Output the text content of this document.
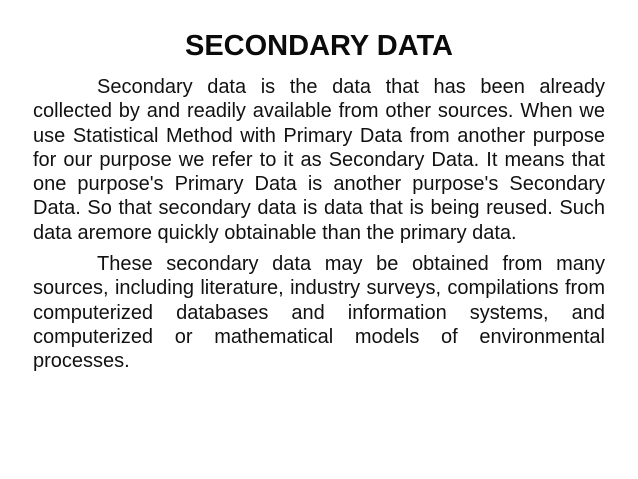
SECONDARY DATA

Secondary data is the data that has been already collected by and readily available from other sources. When we use Statistical Method with Primary Data from another purpose for our purpose we refer to it as Secondary Data. It means that one purpose's Primary Data is another purpose's Secondary Data. So that secondary data is data that is being reused. Such data aremore quickly obtainable than the primary data.

These secondary data may be obtained from many sources, including literature, industry surveys, compilations from computerized databases and information systems, and computerized or mathematical models of environmental processes.
